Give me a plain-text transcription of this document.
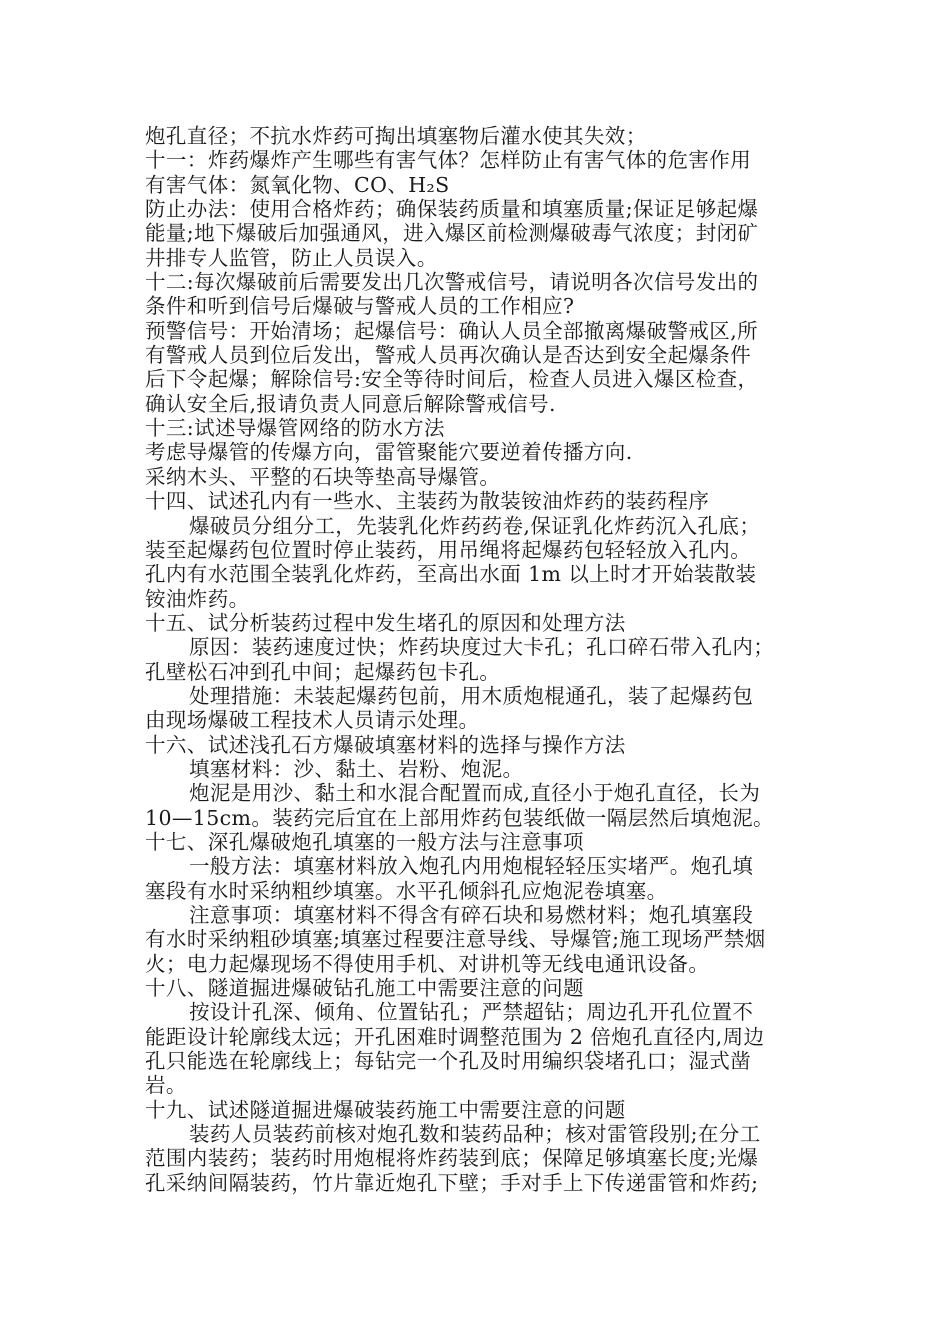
炮孔直径；不抗水炸药可掏出填塞物后灌水使其失效；
十一：炸药爆炸产生哪些有害气体？怎样防止有害气体的危害作用
有害气体：氮氧化物、CO、H₂S
防止办法：使用合格炸药；确保装药质量和填塞质量;保证足够起爆
能量;地下爆破后加强通风，进入爆区前检测爆破毒气浓度；封闭矿
井排专人监管，防止人员误入。
十二:每次爆破前后需要发出几次警戒信号，请说明各次信号发出的
条件和听到信号后爆破与警戒人员的工作相应?
预警信号：开始清场；起爆信号：确认人员全部撤离爆破警戒区,所
有警戒人员到位后发出，警戒人员再次确认是否达到安全起爆条件
后下令起爆；解除信号:安全等待时间后，检查人员进入爆区检查，
确认安全后,报请负责人同意后解除警戒信号.
十三:试述导爆管网络的防水方法
考虑导爆管的传爆方向，雷管聚能穴要逆着传播方向.
采纳木头、平整的石块等垫高导爆管。
十四、试述孔内有一些水、主装药为散装铵油炸药的装药程序
爆破员分组分工，先装乳化炸药药卷,保证乳化炸药沉入孔底；
装至起爆药包位置时停止装药，用吊绳将起爆药包轻轻放入孔内。
孔内有水范围全装乳化炸药，至高出水面 1m 以上时才开始装散装
铵油炸药。
十五、试分析装药过程中发生堵孔的原因和处理方法
原因：装药速度过快；炸药块度过大卡孔；孔口碎石带入孔内；
孔壁松石冲到孔中间；起爆药包卡孔。
处理措施：未装起爆药包前，用木质炮棍通孔，装了起爆药包
由现场爆破工程技术人员请示处理。
十六、试述浅孔石方爆破填塞材料的选择与操作方法
填塞材料：沙、黏土、岩粉、炮泥。
炮泥是用沙、黏土和水混合配置而成,直径小于炮孔直径，长为
10—15cm。装药完后宜在上部用炸药包装纸做一隔层然后填炮泥。
十七、深孔爆破炮孔填塞的一般方法与注意事项
一般方法：填塞材料放入炮孔内用炮棍轻轻压实堵严。炮孔填
塞段有水时采纳粗纱填塞。水平孔倾斜孔应炮泥卷填塞。
注意事项：填塞材料不得含有碎石块和易燃材料；炮孔填塞段
有水时采纳粗砂填塞;填塞过程要注意导线、导爆管;施工现场严禁烟
火；电力起爆现场不得使用手机、对讲机等无线电通讯设备。
十八、隧道掘进爆破钻孔施工中需要注意的问题
按设计孔深、倾角、位置钻孔；严禁超钻；周边孔开孔位置不
能距设计轮廓线太远；开孔困难时调整范围为 2 倍炮孔直径内,周边
孔只能选在轮廓线上；每钻完一个孔及时用编织袋堵孔口；湿式凿
岩。
十九、试述隧道掘进爆破装药施工中需要注意的问题
装药人员装药前核对炮孔数和装药品种；核对雷管段别;在分工
范围内装药；装药时用炮棍将炸药装到底；保障足够填塞长度;光爆
孔采纳间隔装药，竹片靠近炮孔下壁；手对手上下传递雷管和炸药;
